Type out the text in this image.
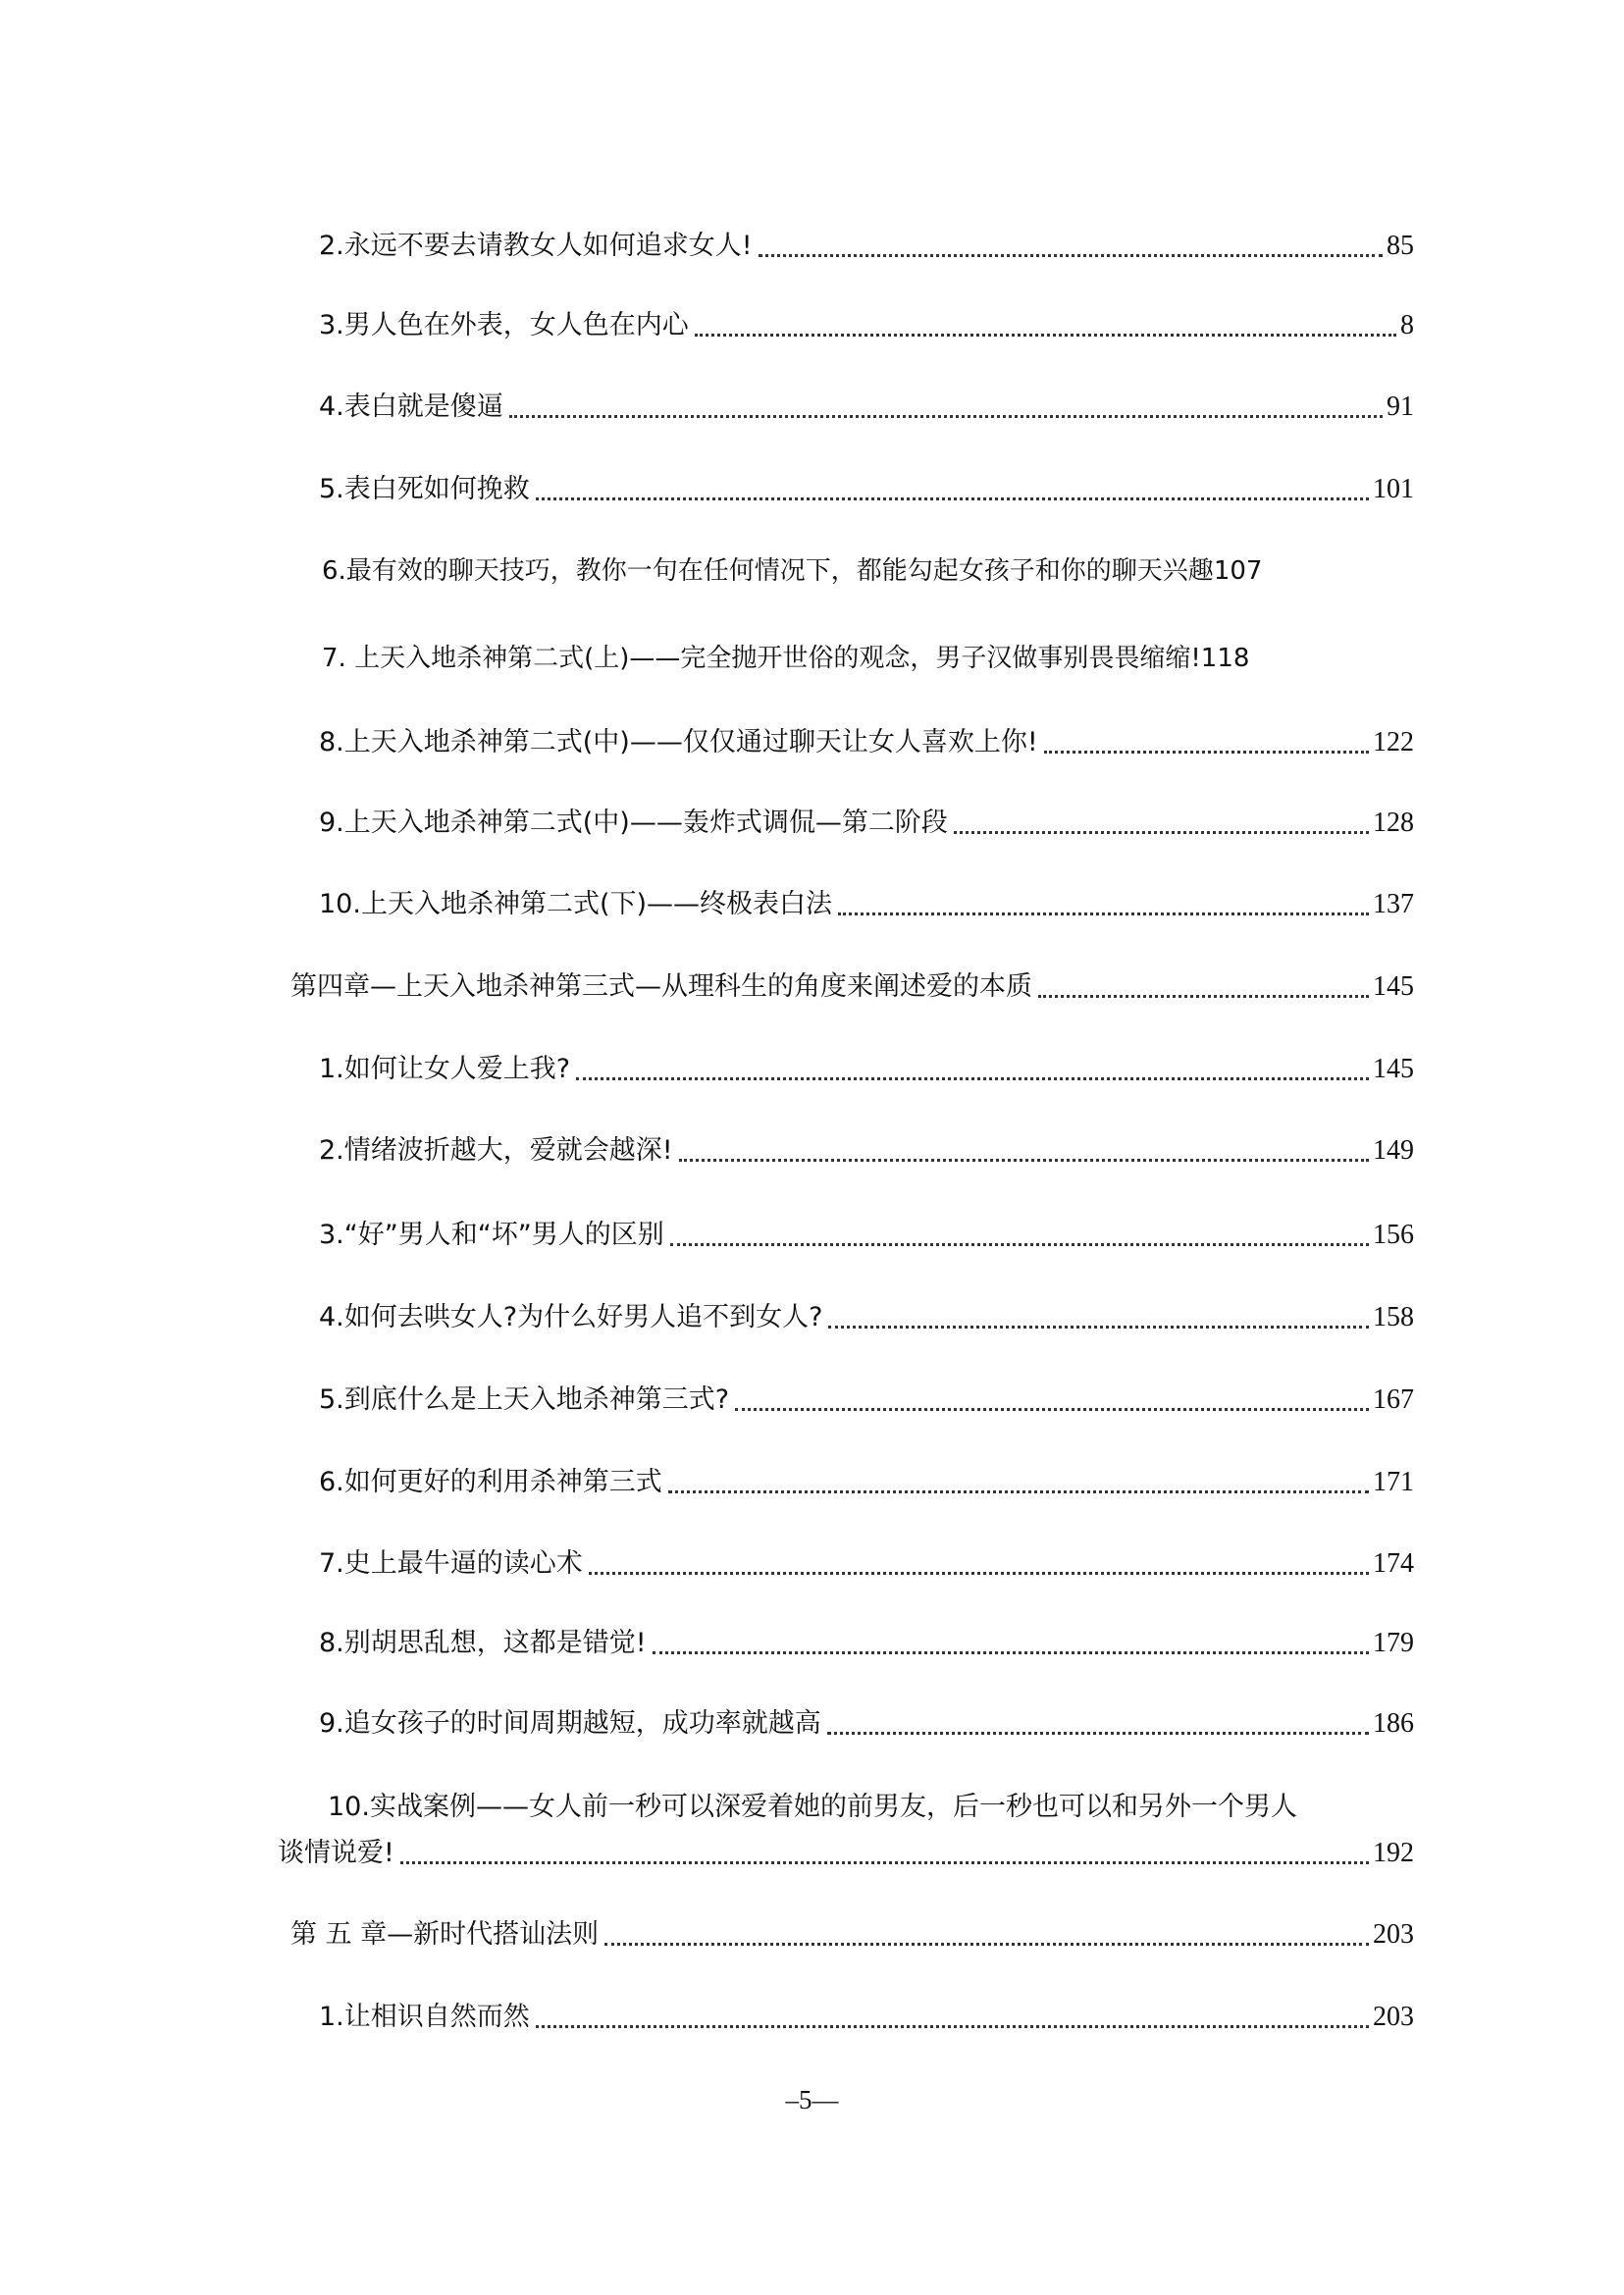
2.永远不要去请教女人如何追求女人!	85
3.男人色在外表，女人色在内心	8
4.表白就是傻逼	91
5.表白死如何挽救	101
6.最有效的聊天技巧，教你一句在任何情况下，都能勾起女孩子和你的聊天兴趣 107
7. 上天入地杀神第二式(上)——完全抛开世俗的观念，男子汉做事别畏畏缩缩! 118
8.上天入地杀神第二式(中)——仅仅通过聊天让女人喜欢上你!	122
9.上天入地杀神第二式(中)——轰炸式调侃—第二阶段	128
10.上天入地杀神第二式(下)——终极表白法	137
第四章—上天入地杀神第三式—从理科生的角度来阐述爱的本质	145
1.如何让女人爱上我?	145
2.情绪波折越大，爱就会越深!	149
3.“好”男人和“坏”男人的区别	156
4.如何去哄女人?为什么好男人追不到女人?	158
5.到底什么是上天入地杀神第三式?	167
6.如何更好的利用杀神第三式	171
7.史上最牛逼的读心术	174
8.别胡思乱想，这都是错觉!	179
9.追女孩子的时间周期越短，成功率就越高	186
10.实战案例——女人前一秒可以深爱着她的前男友，后一秒也可以和另外一个男人
谈情说爱!	192
第 五 章—新时代搭讪法则	203
1.让相识自然而然	203
–5—
